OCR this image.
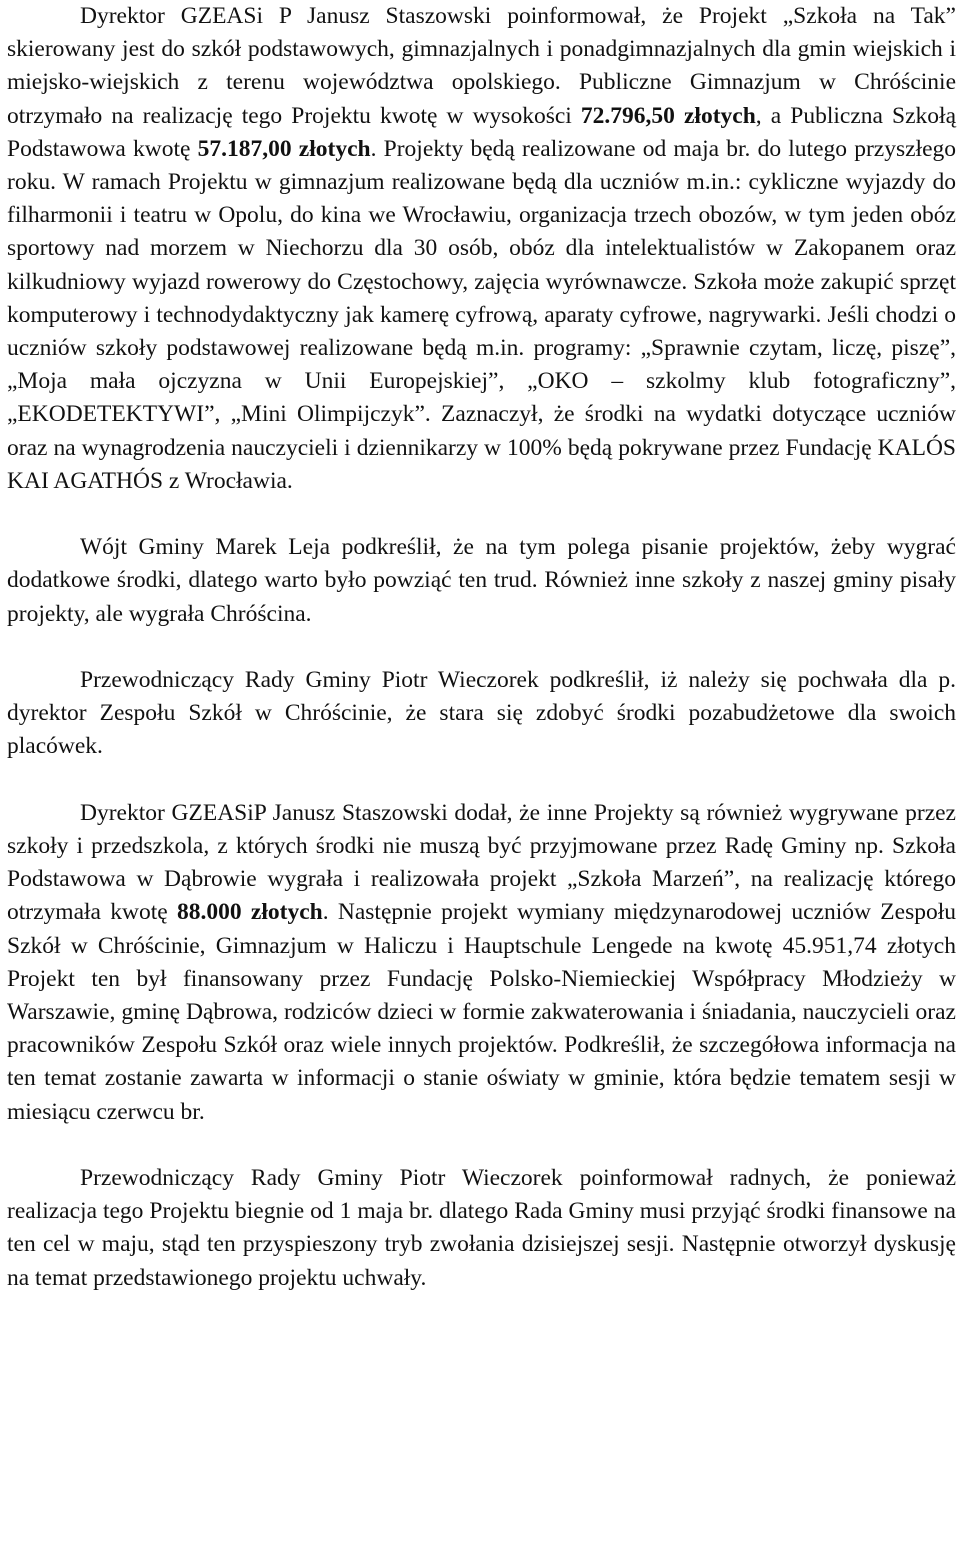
Dyrektor GZEASi P Janusz Staszowski poinformował, że Projekt „Szkoła na Tak” skierowany jest do szkół podstawowych, gimnazjalnych i ponadgimnazjalnych dla gmin wiejskich i miejsko-wiejskich z terenu województwa opolskiego. Publiczne Gimnazjum w Chróścinie otrzymało na realizację tego Projektu kwotę w wysokości 72.796,50 złotych, a Publiczna Szkołą Podstawowa kwotę 57.187,00 złotych. Projekty będą realizowane od maja br. do lutego przyszłego roku. W ramach Projektu w gimnazjum realizowane będą dla uczniów m.in.: cykliczne wyjazdy do filharmonii i teatru w Opolu, do kina we Wrocławiu, organizacja trzech obozów, w tym jeden obóz sportowy nad morzem w Niechorzu dla 30 osób, obóz dla intelektualistów w Zakopanem oraz kilkudniowy wyjazd rowerowy do Częstochowy, zajęcia wyrównawcze. Szkoła może zakupić sprzęt komputerowy i technodydaktyczny jak kamerę cyfrową, aparaty cyfrowe, nagrywarki. Jeśli chodzi o uczniów szkoły podstawowej realizowane będą m.in. programy: „Sprawnie czytam, liczę, piszę”, „Moja mała ojczyzna w Unii Europejskiej”, „OKO – szkolmy klub fotograficzny”, „EKODETEKTYWI”, „Mini Olimpijczyk”. Zaznaczył, że środki na wydatki dotyczące uczniów oraz na wynagrodzenia nauczycieli i dziennikarzy w 100% będą pokrywane przez Fundację KALÓS KAI AGATHÓS z Wrocławia.

Wójt Gminy Marek Leja podkreślił, że na tym polega pisanie projektów, żeby wygrać dodatkowe środki, dlatego warto było powziąć ten trud. Również inne szkoły z naszej gminy pisały projekty, ale wygrała Chróścina.

Przewodniczący Rady Gminy Piotr Wieczorek podkreślił, iż należy się pochwała dla p. dyrektor Zespołu Szkół w Chróścinie, że stara się zdobyć środki pozabudżetowe dla swoich placówek.

Dyrektor GZEASiP Janusz Staszowski dodał, że inne Projekty są również wygrywane przez szkoły i przedszkola, z których środki nie muszą być przyjmowane przez Radę Gminy np. Szkoła Podstawowa w Dąbrowie wygrała i realizowała projekt „Szkoła Marzeń”, na realizację którego otrzymała kwotę 88.000 złotych. Następnie projekt wymiany międzynarodowej uczniów Zespołu Szkół w Chróścinie, Gimnazjum w Haliczu i Hauptschule Lengede na kwotę 45.951,74 złotych Projekt ten był finansowany przez Fundację Polsko-Niemieckiej Współpracy Młodzieży w Warszawie, gminę Dąbrowa, rodziców dzieci w formie zakwaterowania i śniadania, nauczycieli oraz pracowników Zespołu Szkół oraz wiele innych projektów. Podkreślił, że szczegółowa informacja na ten temat zostanie zawarta w informacji o stanie oświaty w gminie, która będzie tematem sesji w miesiącu czerwcu br.

Przewodniczący Rady Gminy Piotr Wieczorek poinformował radnych, że ponieważ realizacja tego Projektu biegnie od 1 maja br. dlatego Rada Gminy musi przyjąć środki finansowe na ten cel w maju, stąd ten przyspieszony tryb zwołania dzisiejszej sesji. Następnie otworzył dyskusję na temat przedstawionego projektu uchwały.
